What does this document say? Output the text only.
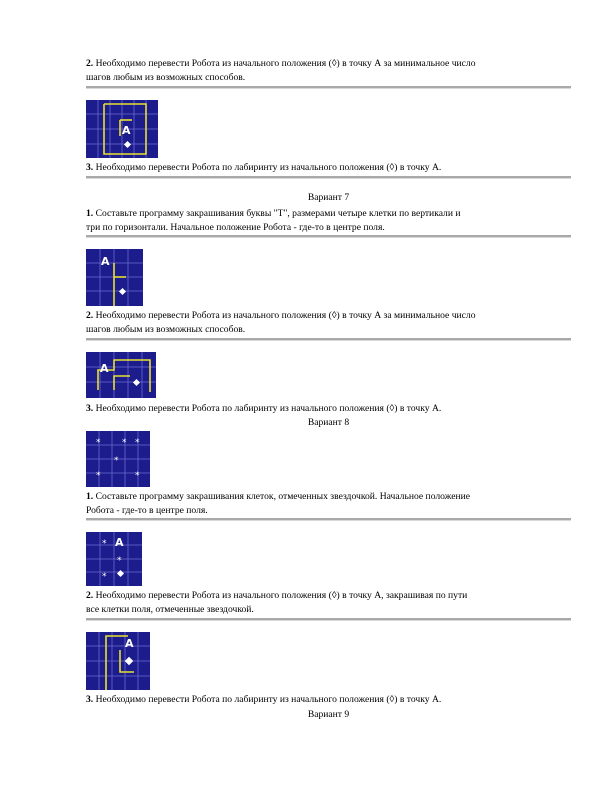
2. Необходимо перевести Робота из начального положения (◊) в точку А за минимальное число
шагов любым из возможных способов.
A
3. Необходимо перевести Робота по лабиринту из начального положения (◊) в точку А.
Вариант 7
1. Составьте программу закрашивания буквы "Т", размерами четыре клетки по вертикали и
три по горизонтали. Начальное положение Робота - где-то в центре поля.
A
2. Необходимо перевести Робота из начального положения (◊) в точку А за минимальное число
шагов любым из возможных способов.
A
3. Необходимо перевести Робота по лабиринту из начального положения (◊) в точку А.
Вариант 8
* * *
*
*	*
1. Составьте программу закрашивания клеток, отмеченных звездочкой. Начальное положение
Робота - где-то в центре поля.
*
*
*
A
2. Необходимо перевести Робота из начального положения (◊) в точку А, закрашивая по пути
все клетки поля, отмеченные звездочкой.
A
3. Необходимо перевести Робота по лабиринту из начального положения (◊) в точку А.
Вариант 9
